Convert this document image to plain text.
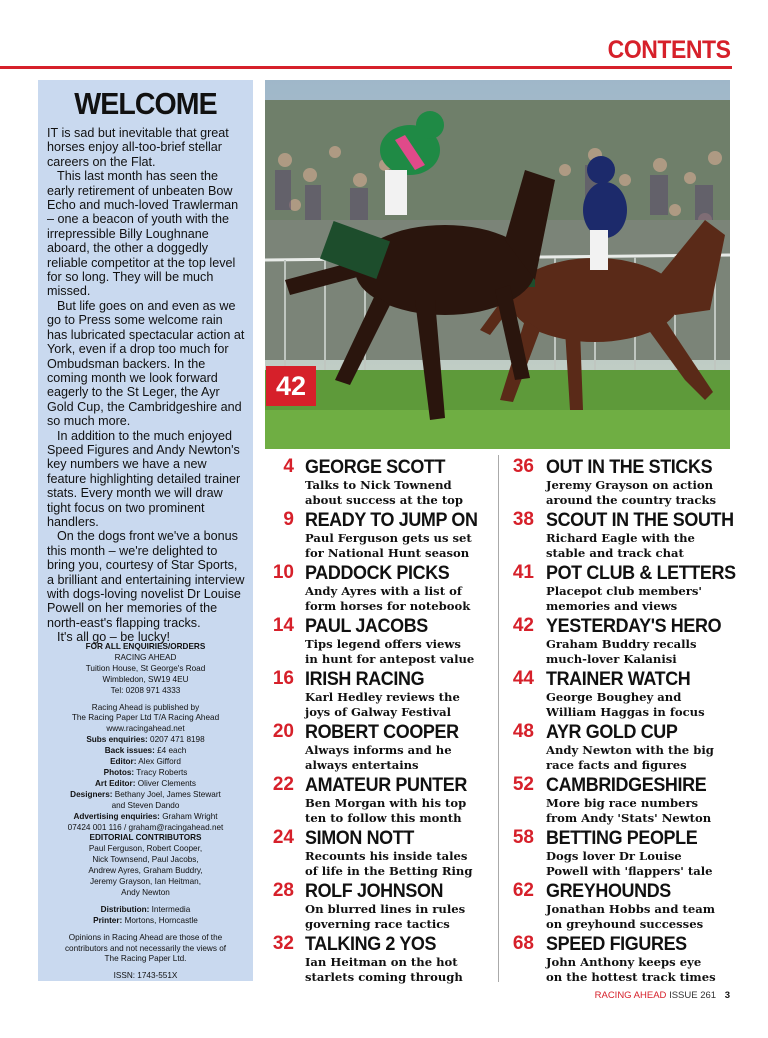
CONTENTS
WELCOME

IT is sad but inevitable that great horses enjoy all-too-brief stellar careers on the Flat.

This last month has seen the early retirement of unbeaten Bow Echo and much-loved Trawlerman – one a beacon of youth with the irrepressible Billy Loughnane aboard, the other a doggedly reliable competitor at the top level for so long. They will be much missed.

But life goes on and even as we go to Press some welcome rain has lubricated spectacular action at York, even if a drop too much for Ombudsman backers. In the coming month we look forward eagerly to the St Leger, the Ayr Gold Cup, the Cambridgeshire and so much more.

In addition to the much enjoyed Speed Figures and Andy Newton's key numbers we have a new feature highlighting detailed trainer stats. Every month we will draw tight focus on two prominent handlers.

On the dogs front we've a bonus this month – we're delighted to bring you, courtesy of Star Sports, a brilliant and entertaining interview with dogs-loving novelist Dr Louise Powell on her memories of the north-east's flapping tracks.

It's all go – be lucky!

FOR ALL ENQUIRIES/ORDERS
RACING AHEAD
Tuition House, St George's Road
Wimbledon, SW19 4EU
Tel: 0208 971 4333
Racing Ahead is published by
The Racing Paper Ltd T/A Racing Ahead
www.racingahead.net
Subs enquiries: 0207 471 8198
Back issues: £4 each
Editor: Alex Gifford
Photos: Tracy Roberts
Art Editor: Oliver Clements
Designers: Bethany Joel, James Stewart
and Steven Dando
Advertising enquiries: Graham Wright
07424 001 116 / graham@racingahead.net
EDITORIAL CONTRIBUTORS
Paul Ferguson, Robert Cooper,
Nick Townsend, Paul Jacobs,
Andrew Ayres, Graham Buddry,
Jeremy Grayson, Ian Heitman,
Andy Newton
Distribution: Intermedia
Printer: Mortons, Horncastle
Opinions in Racing Ahead are those of the
contributors and not necessarily the views of
The Racing Paper Ltd.
ISSN: 1743-551X
42
4 GEORGE SCOTT
Talks to Nick Townend
about success at the top
9 READY TO JUMP ON
Paul Ferguson gets us set
for National Hunt season
10 PADDOCK PICKS
Andy Ayres with a list of
form horses for notebook
14 PAUL JACOBS
Tips legend offers views
in hunt for antepost value
16 IRISH RACING
Karl Hedley reviews the
joys of Galway Festival
20 ROBERT COOPER
Always informs and he
always entertains
22 AMATEUR PUNTER
Ben Morgan with his top
ten to follow this month
24 SIMON NOTT
Recounts his inside tales
of life in the Betting Ring
28 ROLF JOHNSON
On blurred lines in rules
governing race tactics
32 TALKING 2 YOS
Ian Heitman on the hot
starlets coming through
36 OUT IN THE STICKS
Jeremy Grayson on action
around the country tracks
38 SCOUT IN THE SOUTH
Richard Eagle with the
stable and track chat
41 POT CLUB & LETTERS
Placepot club members'
memories and views
42 YESTERDAY'S HERO
Graham Buddry recalls
much-lover Kalanisi
44 TRAINER WATCH
George Boughey and
William Haggas in focus
48 AYR GOLD CUP
Andy Newton with the big
race facts and figures
52 CAMBRIDGESHIRE
More big race numbers
from Andy 'Stats' Newton
58 BETTING PEOPLE
Dogs lover Dr Louise
Powell with 'flappers' tale
62 GREYHOUNDS
Jonathan Hobbs and team
on greyhound successes
68 SPEED FIGURES
John Anthony keeps eye
on the hottest track times
RACING AHEAD ISSUE 261 3
